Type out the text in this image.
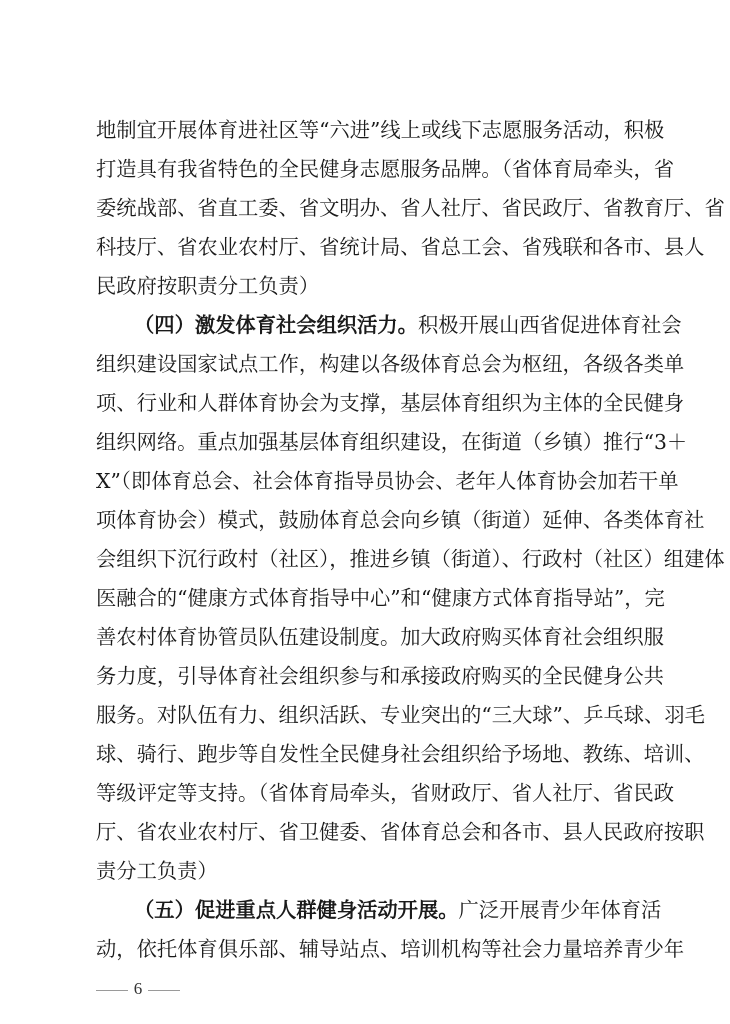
地制宜开展体育进社区等“六进”线上或线下志愿服务活动，积极
打造具有我省特色的全民健身志愿服务品牌。（省体育局牵头，省
委统战部、省直工委、省文明办、省人社厅、省民政厅、省教育厅、省
科技厅、省农业农村厅、省统计局、省总工会、省残联和各市、县人
民政府按职责分工负责）
（四）激发体育社会组织活力。积极开展山西省促进体育社会
组织建设国家试点工作，构建以各级体育总会为枢纽，各级各类单
项、行业和人群体育协会为支撑，基层体育组织为主体的全民健身
组织网络。重点加强基层体育组织建设，在街道（乡镇）推行“3＋
X”（即体育总会、社会体育指导员协会、老年人体育协会加若干单
项体育协会）模式，鼓励体育总会向乡镇（街道）延伸、各类体育社
会组织下沉行政村（社区），推进乡镇（街道）、行政村（社区）组建体
医融合的“健康方式体育指导中心”和“健康方式体育指导站”，完
善农村体育协管员队伍建设制度。加大政府购买体育社会组织服
务力度，引导体育社会组织参与和承接政府购买的全民健身公共
服务。对队伍有力、组织活跃、专业突出的“三大球”、乒乓球、羽毛
球、骑行、跑步等自发性全民健身社会组织给予场地、教练、培训、
等级评定等支持。（省体育局牵头，省财政厅、省人社厅、省民政
厅、省农业农村厅、省卫健委、省体育总会和各市、县人民政府按职
责分工负责）
（五）促进重点人群健身活动开展。广泛开展青少年体育活
动，依托体育俱乐部、辅导站点、培训机构等社会力量培养青少年
6
